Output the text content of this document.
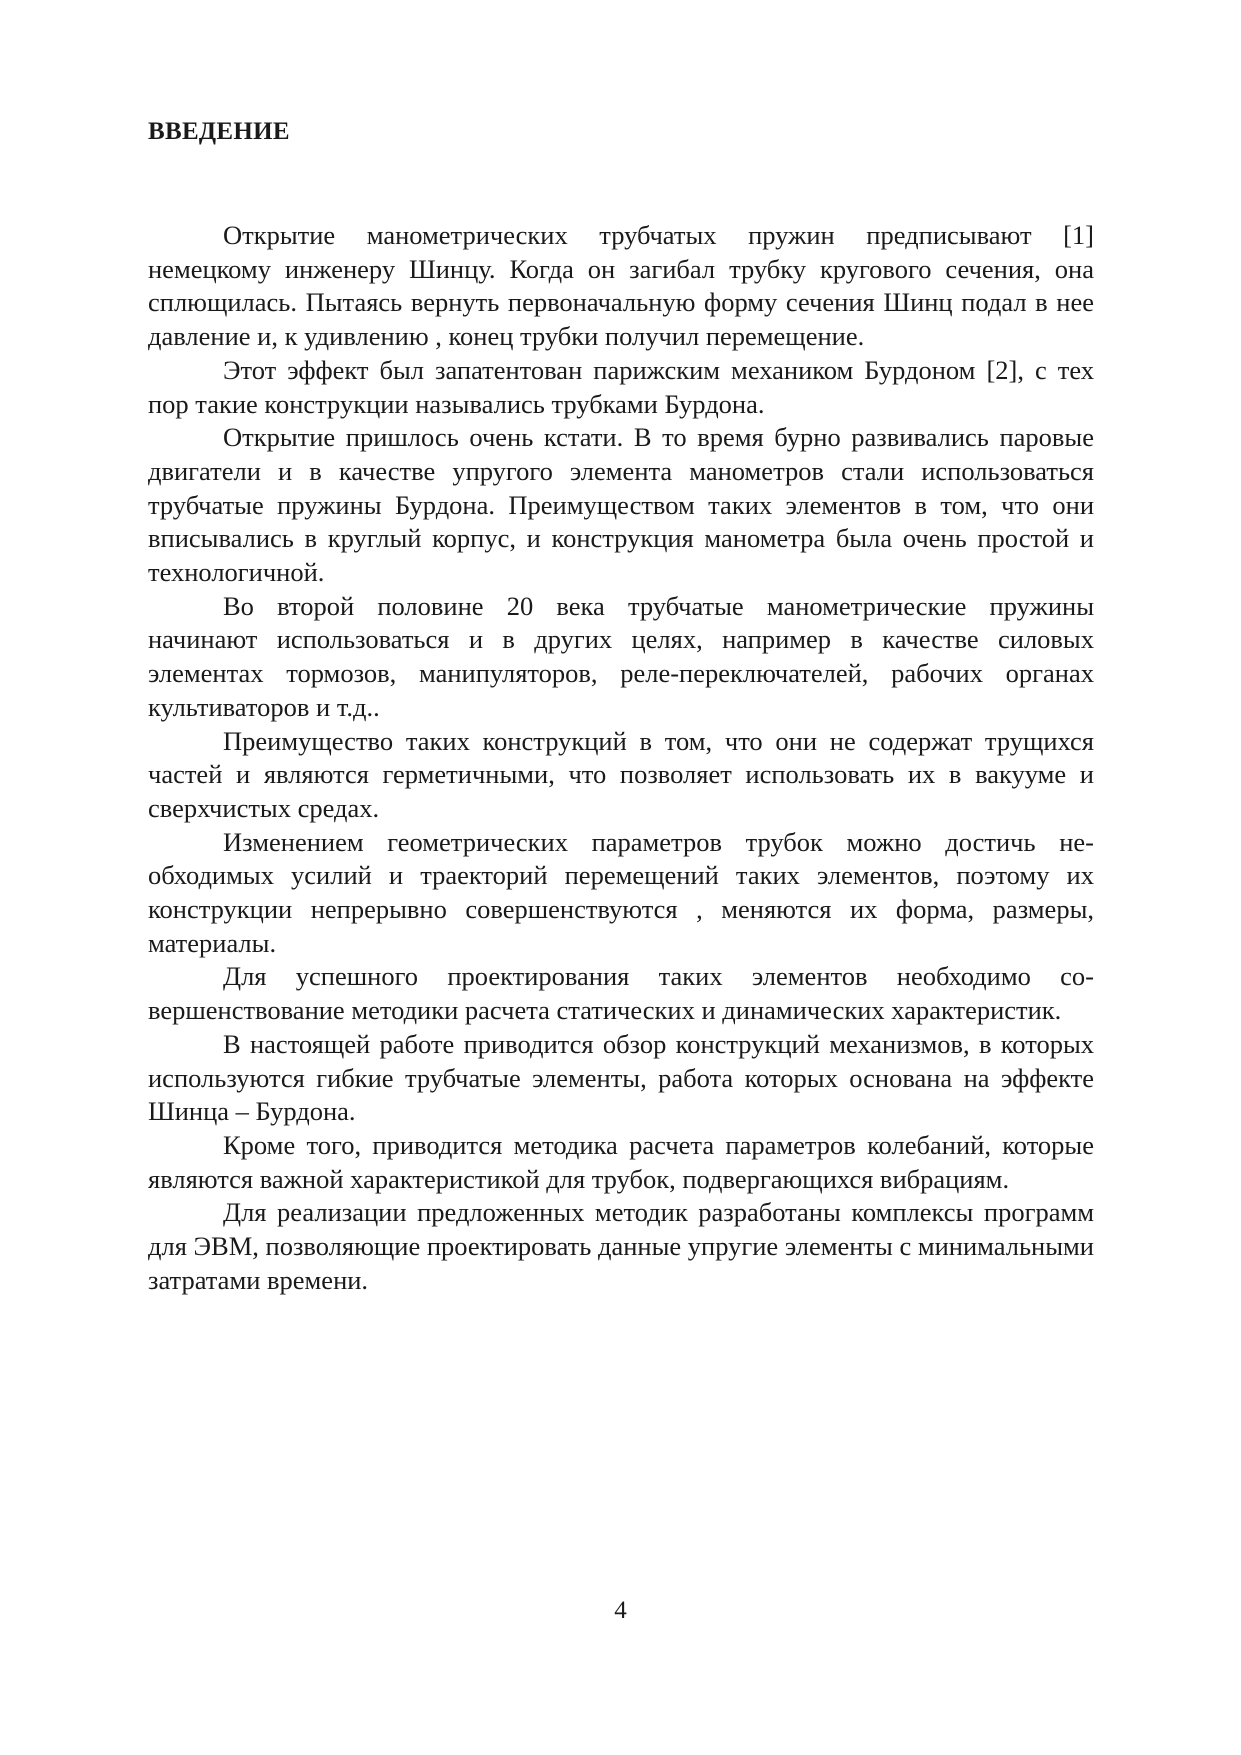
ВВЕДЕНИЕ

Открытие манометрических трубчатых пружин предписывают [1] немецкому инженеру Шинцу. Когда он загибал трубку кругового сечения, она сплющилась. Пытаясь вернуть первоначальную форму сечения Шинц подал в нее давление и, к удивлению , конец трубки получил перемещение.

Этот эффект был запатентован парижским механиком Бурдоном [2], с тех пор такие конструкции назывались трубками Бурдона.

Открытие пришлось очень кстати. В то время бурно развивались паровые двигатели и в качестве упругого элемента манометров стали использоваться трубчатые пружины Бурдона. Преимуществом таких элементов в том, что они вписывались в круглый корпус, и конструкция манометра была очень простой и технологичной.

Во второй половине 20 века трубчатые манометрические пружины начинают использоваться и в других целях, например в качестве силовых элементах тормозов, манипуляторов, реле-переключателей, рабочих органах культиваторов и т.д..

Преимущество таких конструкций в том, что они не содержат трущихся частей и являются герметичными, что позволяет использовать их в вакууме и сверхчистых средах.

Изменением геометрических параметров трубок можно достичь необходимых усилий и траекторий перемещений таких элементов, поэтому их конструкции непрерывно совершенствуются , меняются их форма, размеры, материалы.

Для успешного проектирования таких элементов необходимо совершенствование методики расчета статических и динамических характеристик.

В настоящей работе приводится обзор конструкций механизмов, в которых используются гибкие трубчатые элементы, работа которых основана на эффекте Шинца – Бурдона.

Кроме того, приводится методика расчета параметров колебаний, которые являются важной характеристикой для трубок, подвергающихся вибрациям.

Для реализации предложенных методик разработаны комплексы программ для ЭВМ, позволяющие проектировать данные упругие элементы с минимальными затратами времени.

4
